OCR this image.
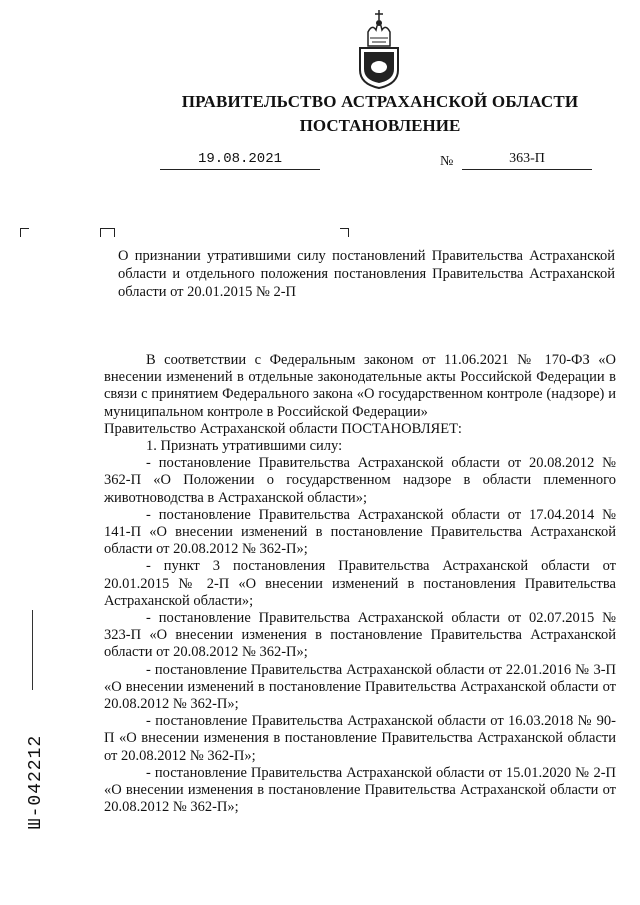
ПРАВИТЕЛЬСТВО АСТРАХАНСКОЙ ОБЛАСТИ
ПОСТАНОВЛЕНИЕ
19.08.2021	№	363-П
О признании утратившими силу постановлений Правительства Астраханской области и отдельного положения постановления Правительства Астраханской области от 20.01.2015 № 2-П

В соответствии с Федеральным законом от 11.06.2021 № 170-ФЗ «О внесении изменений в отдельные законодательные акты Российской Федерации в связи с принятием Федерального закона «О государственном контроле (надзоре) и муниципальном контроле в Российской Федерации»

Правительство Астраханской области ПОСТАНОВЛЯЕТ:

1. Признать утратившими силу:

- постановление Правительства Астраханской области от 20.08.2012 № 362-П «О Положении о государственном надзоре в области племенного животноводства в Астраханской области»;

- постановление Правительства Астраханской области от 17.04.2014 № 141-П «О внесении изменений в постановление Правительства Астраханской области от 20.08.2012 № 362-П»;

- пункт 3 постановления Правительства Астраханской области от 20.01.2015 № 2-П «О внесении изменений в постановления Правительства Астраханской области»;

- постановление Правительства Астраханской области от 02.07.2015 № 323-П «О внесении изменения в постановление Правительства Астраханской области от 20.08.2012 № 362-П»;

- постановление Правительства Астраханской области от 22.01.2016 № 3-П «О внесении изменений в постановление Правительства Астраханской области от 20.08.2012 № 362-П»;

- постановление Правительства Астраханской области от 16.03.2018 № 90-П «О внесении изменения в постановление Правительства Астраханской области от 20.08.2012 № 362-П»;

- постановление Правительства Астраханской области от 15.01.2020 № 2-П «О внесении изменения в постановление Правительства Астраханской области от 20.08.2012 № 362-П»;

Ш-042212
